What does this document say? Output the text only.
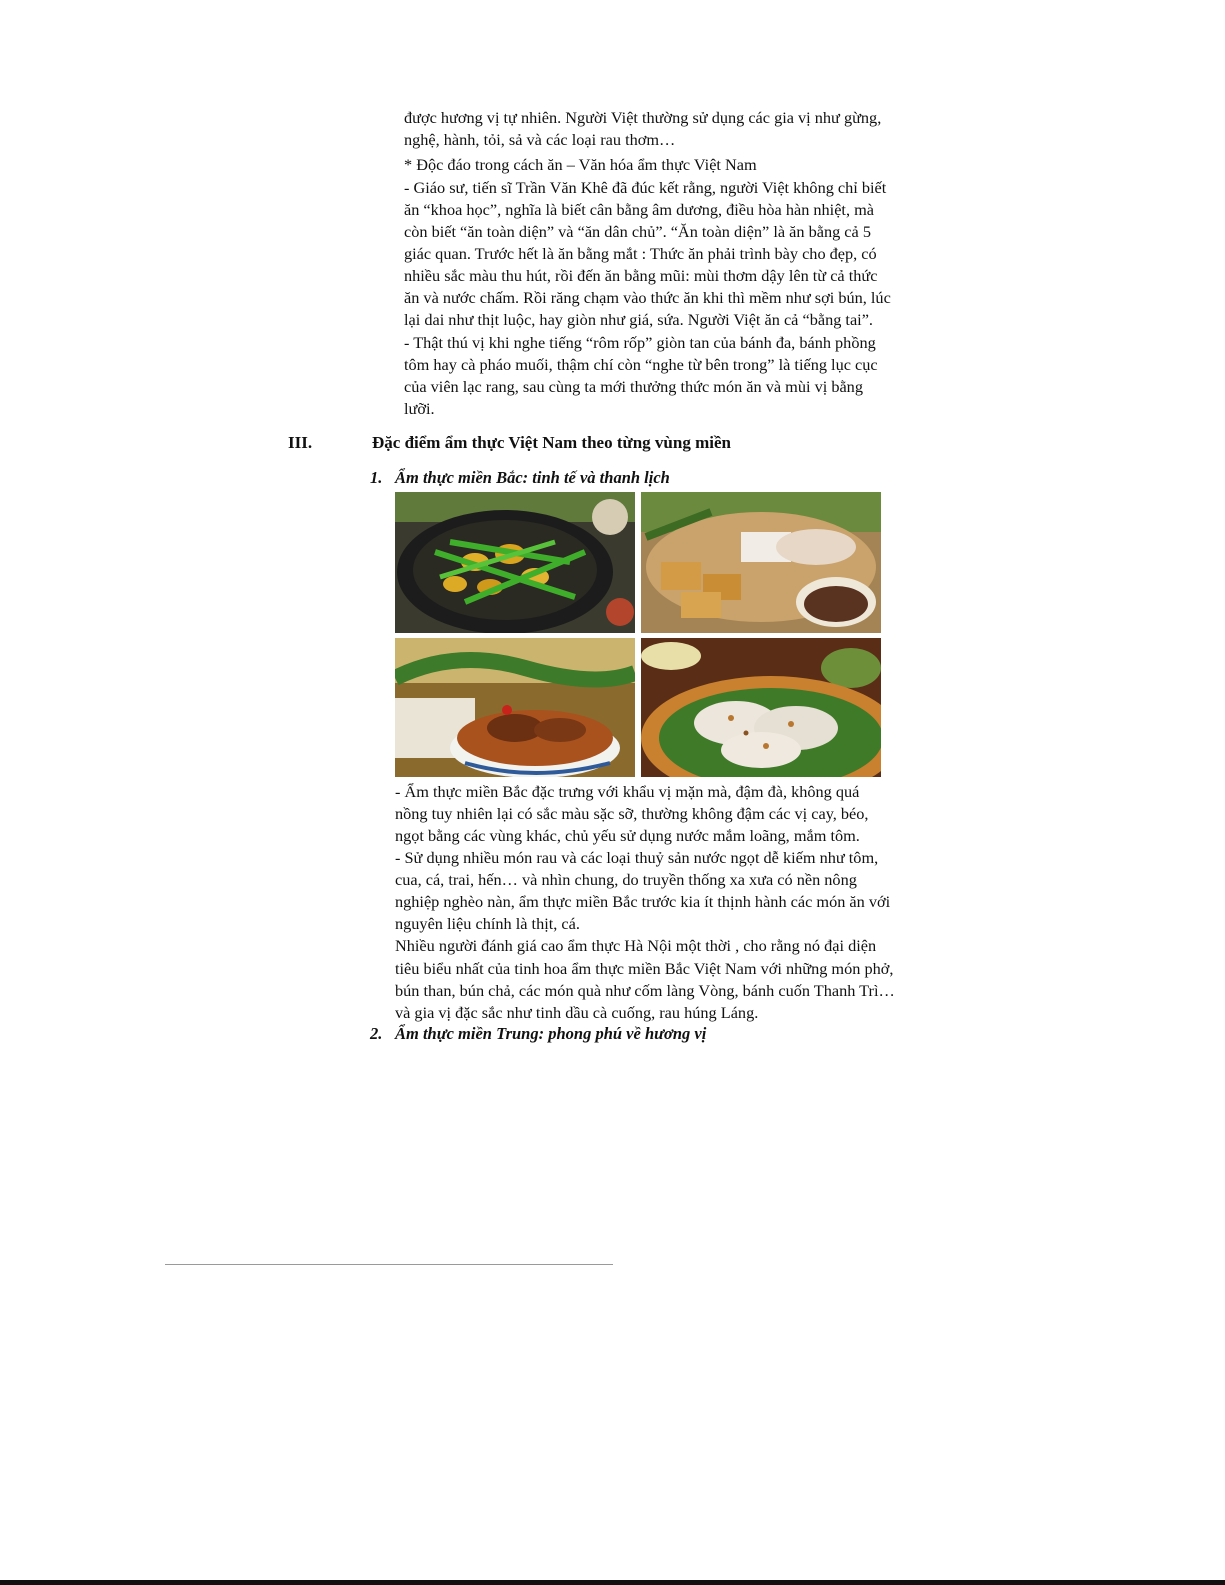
được hương vị tự nhiên. Người Việt thường sử dụng các gia vị như gừng,
nghệ, hành, tỏi, sả và các loại rau thơm…
* Độc đáo trong cách ăn – Văn hóa ẩm thực Việt Nam
- Giáo sư, tiến sĩ Trần Văn Khê đã đúc kết rằng, người Việt không chỉ biết
ăn “khoa học”, nghĩa là biết cân bằng âm dương, điều hòa hàn nhiệt, mà
còn biết “ăn toàn diện” và “ăn dân chủ”. “Ăn toàn diện” là ăn bằng cả 5
giác quan. Trước hết là ăn bằng mắt : Thức ăn phải trình bày cho đẹp, có
nhiều sắc màu thu hút, rồi đến ăn bằng mũi: mùi thơm dậy lên từ cả thức
ăn và nước chấm. Rồi răng chạm vào thức ăn khi thì mềm như sợi bún, lúc
lại dai như thịt luộc, hay giòn như giá, sứa. Người Việt ăn cả “bằng tai”.
- Thật thú vị khi nghe tiếng “rôm rốp” giòn tan của bánh đa, bánh phồng
tôm hay cà pháo muối, thậm chí còn “nghe từ bên trong” là tiếng lục cục
của viên lạc rang, sau cùng ta mới thưởng thức món ăn và mùi vị bằng
lưỡi.
III.	Đặc điểm ẩm thực Việt Nam theo từng vùng miền
1. Ẩm thực miền Bắc: tinh tế và thanh lịch
- Ẩm thực miền Bắc đặc trưng với khẩu vị mặn mà, đậm đà, không quá
nồng tuy nhiên lại có sắc màu sặc sỡ, thường không đậm các vị cay, béo,
ngọt bằng các vùng khác, chủ yếu sử dụng nước mắm loãng, mắm tôm.
- Sử dụng nhiều món rau và các loại thuỷ sản nước ngọt dễ kiếm như tôm,
cua, cá, trai, hến… và nhìn chung, do truyền thống xa xưa có nền nông
nghiệp nghèo nàn, ẩm thực miền Bắc trước kia ít thịnh hành các món ăn với
nguyên liệu chính là thịt, cá.
Nhiều người đánh giá cao ẩm thực Hà Nội một thời , cho rằng nó đại diện
tiêu biểu nhất của tinh hoa ẩm thực miền Bắc Việt Nam với những món phở,
bún than, bún chả, các món quà như cốm làng Vòng, bánh cuốn Thanh Trì…
và gia vị đặc sắc như tinh dầu cà cuống, rau húng Láng.
2. Ẩm thực miền Trung: phong phú về hương vị
